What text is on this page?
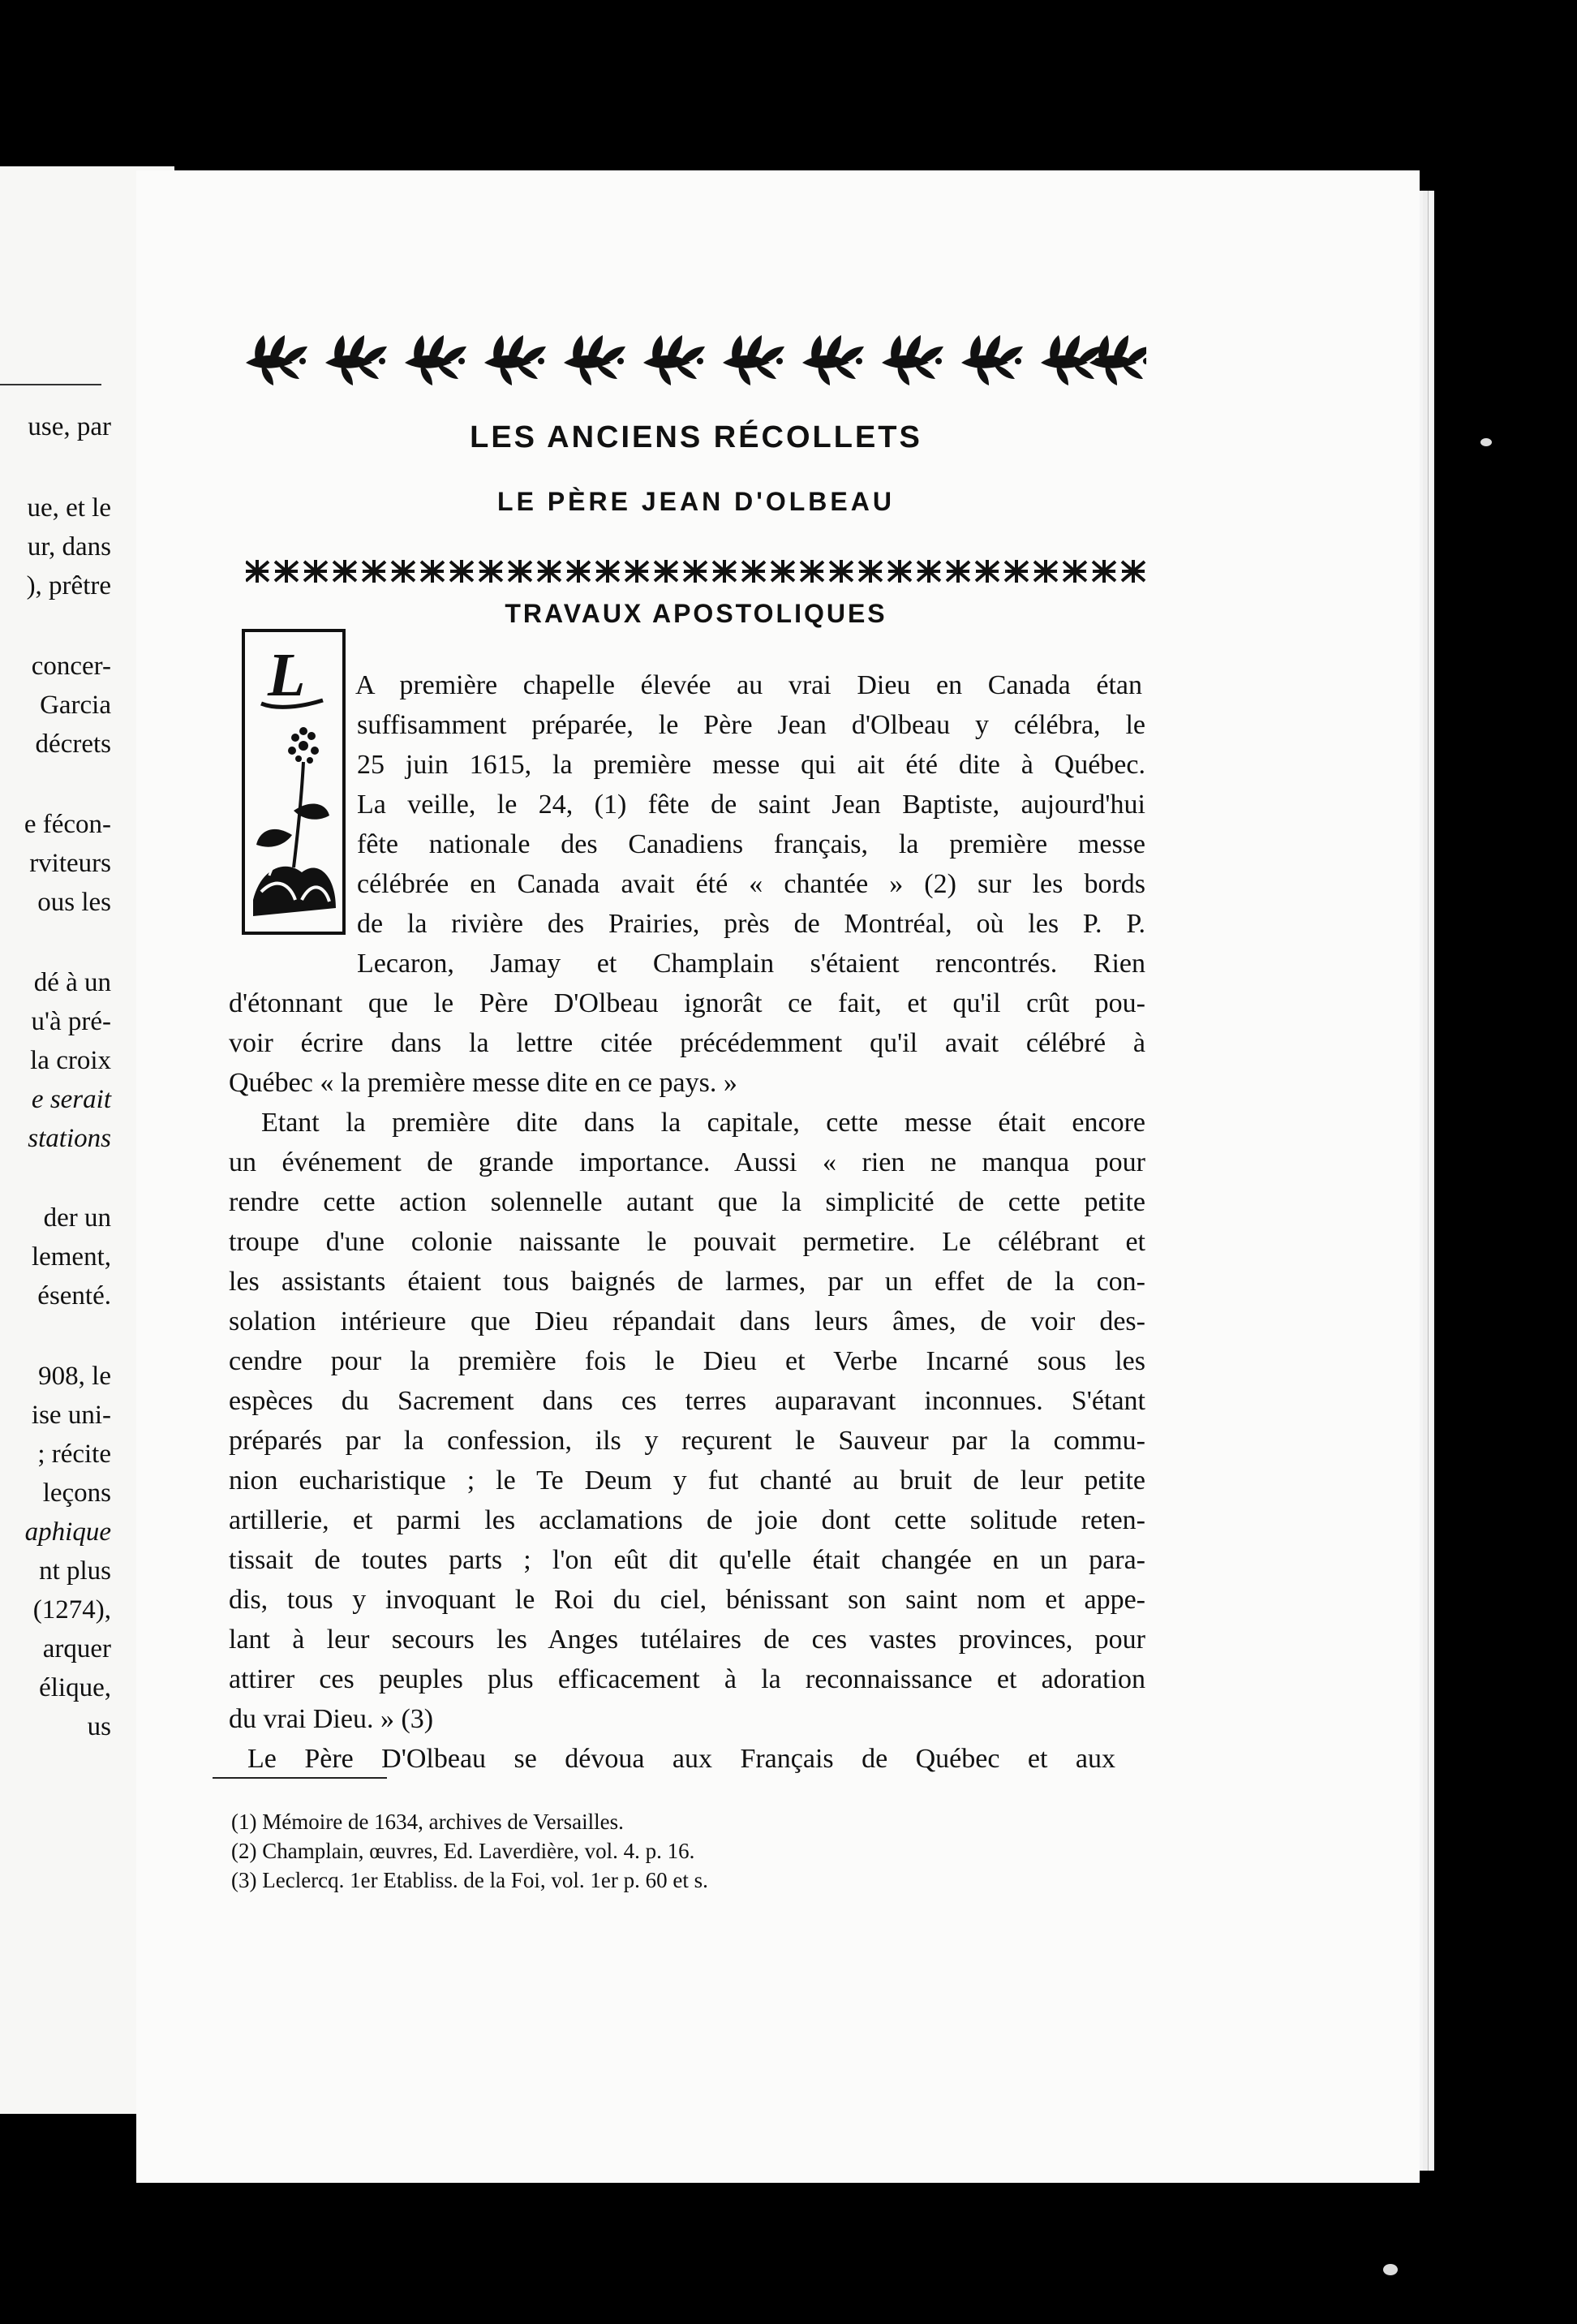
use, par
ue, et le
ur, dans
), prêtre
concer-
Garcia
décrets
e fécon-
rviteurs
ous les
dé à un
u'à pré-
la croix
e serait
stations
der un
lement,
ésenté.
908, le
ise uni-
; récite
leçons
aphique
nt plus
(1274),
arquer
élique,
us
LES ANCIENS RÉCOLLETS
LE PÈRE JEAN D'OLBEAU
TRAVAUX APOSTOLIQUES
L A première chapelle élevée au vrai Dieu en Canada étan
suffisamment préparée, le Père Jean d'Olbeau y célébra, le
25 juin 1615, la première messe qui ait été dite à Québec.
La veille, le 24, (1) fête de saint Jean Baptiste, aujourd'hui
fête nationale des Canadiens français, la première messe
célébrée en Canada avait été « chantée » (2) sur les bords
de la rivière des Prairies, près de Montréal, où les P. P.
Lecaron, Jamay et Champlain s'étaient rencontrés. Rien
d'étonnant que le Père D'Olbeau ignorât ce fait, et qu'il crût pou-
voir écrire dans la lettre citée précédemment qu'il avait célébré à
Québec « la première messe dite en ce pays. »
Etant la première dite dans la capitale, cette messe était encore
un événement de grande importance. Aussi « rien ne manqua pour
rendre cette action solennelle autant que la simplicité de cette petite
troupe d'une colonie naissante le pouvait permetire. Le célébrant et
les assistants étaient tous baignés de larmes, par un effet de la con-
solation intérieure que Dieu répandait dans leurs âmes, de voir des-
cendre pour la première fois le Dieu et Verbe Incarné sous les
espèces du Sacrement dans ces terres auparavant inconnues. S'étant
préparés par la confession, ils y reçurent le Sauveur par la commu-
nion eucharistique ; le Te Deum y fut chanté au bruit de leur petite
artillerie, et parmi les acclamations de joie dont cette solitude reten-
tissait de toutes parts ; l'on eût dit qu'elle était changée en un para-
dis, tous y invoquant le Roi du ciel, bénissant son saint nom et appe-
lant à leur secours les Anges tutélaires de ces vastes provinces, pour
attirer ces peuples plus efficacement à la reconnaissance et adoration
du vrai Dieu. » (3)
Le Père D'Olbeau se dévoua aux Français de Québec et aux
(1) Mémoire de 1634, archives de Versailles.
(2) Champlain, œuvres, Ed. Laverdière, vol. 4. p. 16.
(3) Leclercq. 1er Etabliss. de la Foi, vol. 1er p. 60 et s.
